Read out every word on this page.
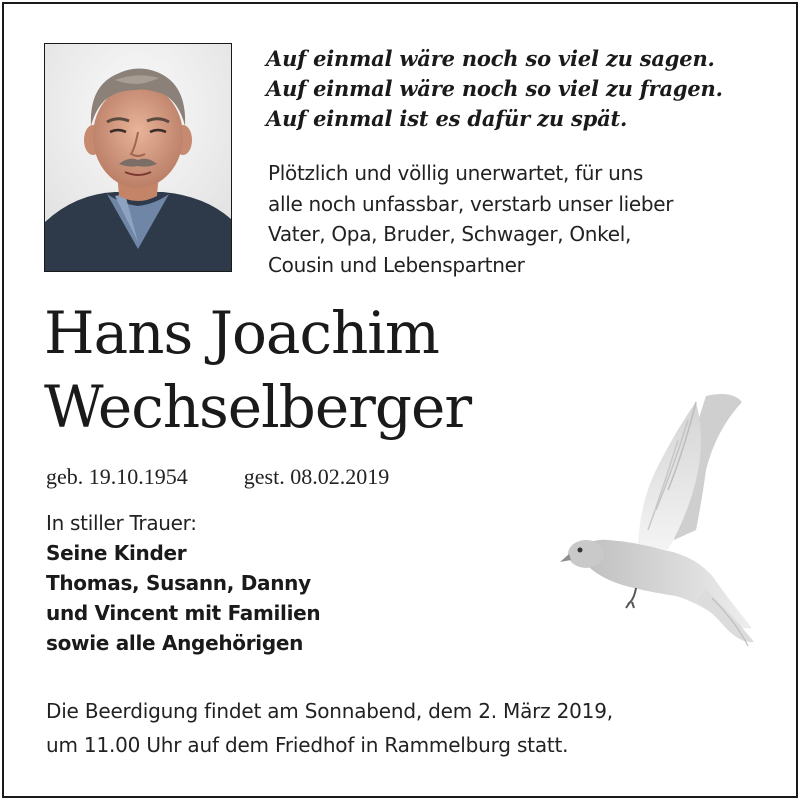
Auf einmal wäre noch so viel zu sagen.
Auf einmal wäre noch so viel zu fragen.
Auf einmal ist es dafür zu spät.
Plötzlich und völlig unerwartet, für uns
alle noch unfassbar, verstarb unser lieber
Vater, Opa, Bruder, Schwager, Onkel,
Cousin und Lebenspartner
Hans Joachim
Wechselberger
geb. 19.10.1954	gest. 08.02.2019
In stiller Trauer:
Seine Kinder
Thomas, Susann, Danny
und Vincent mit Familien
sowie alle Angehörigen
Die Beerdigung findet am Sonnabend, dem 2. März 2019,
um 11.00 Uhr auf dem Friedhof in Rammelburg statt.
